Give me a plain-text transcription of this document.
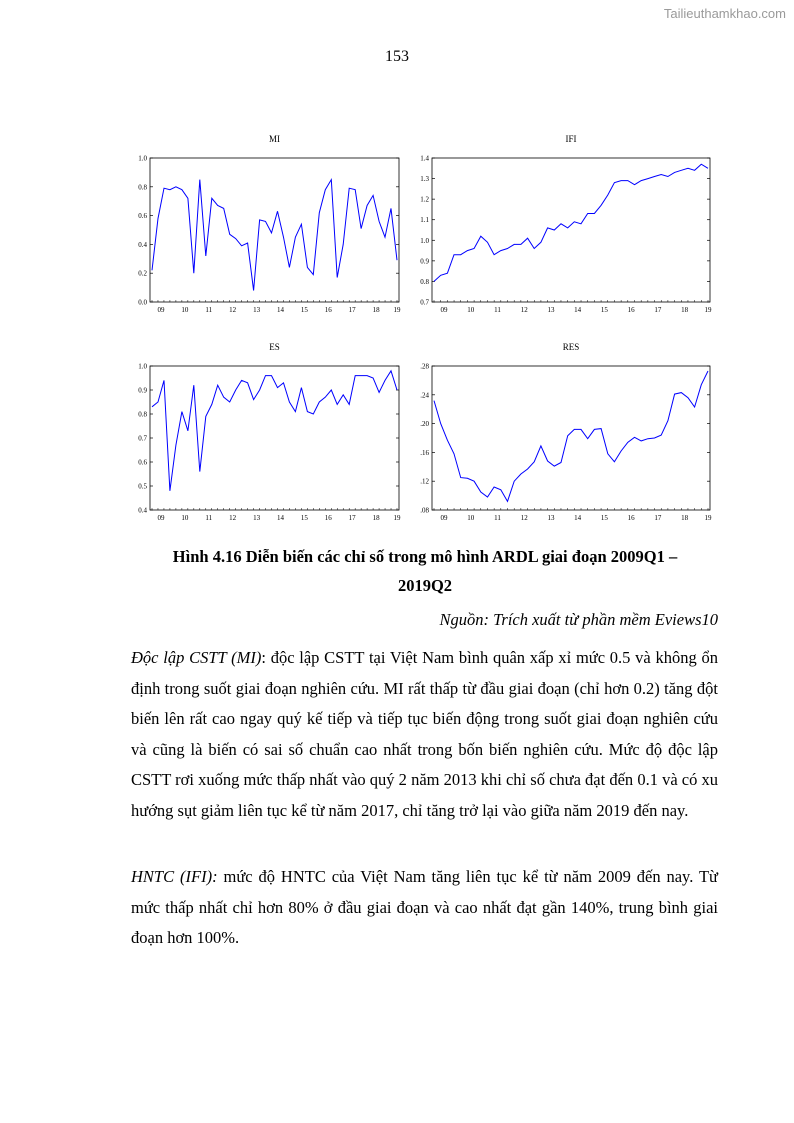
Tailieuthamkhao.com
153
MI
0.0
0.2
0.4
0.6
0.8
1.0
09 10 11 12 13 14 15 16 17 18 19
IFI
0.7
0.8
0.9
1.0
1.1
1.2
1.3
1.4
09	10	11	12	13	14	15	16	17	18 19
ES
0.4
0.5
0.6
0.7
0.8
0.9
1.0
09 10 11 12 13 14 15 16 17 18 19
RES
.08
.12
.16
.20
.24
.28
09	10	11	12	13	14	15	16	17	18 19
Hình 4.16 Diễn biến các chỉ số trong mô hình ARDL giai đoạn 2009Q1 –
2019Q2
Nguồn: Trích xuất từ phần mềm Eviews10
Độc lập CSTT (MI): độc lập CSTT tại Việt Nam bình quân xấp xỉ mức 0.5 và không ổn định trong suốt giai đoạn nghiên cứu. MI rất thấp từ đầu giai đoạn (chỉ hơn 0.2) tăng đột biến lên rất cao ngay quý kế tiếp và tiếp tục biến động trong suốt giai đoạn nghiên cứu và cũng là biến có sai số chuẩn cao nhất trong bốn biến nghiên cứu. Mức độ độc lập CSTT rơi xuống mức thấp nhất vào quý 2 năm 2013 khi chỉ số chưa đạt đến 0.1 và có xu hướng sụt giảm liên tục kể từ năm 2017, chỉ tăng trở lại vào giữa năm 2019 đến nay.
HNTC (IFI): mức độ HNTC của Việt Nam tăng liên tục kể từ năm 2009 đến nay. Từ mức thấp nhất chỉ hơn 80% ở đầu giai đoạn và cao nhất đạt gần 140%, trung bình giai đoạn hơn 100%.
